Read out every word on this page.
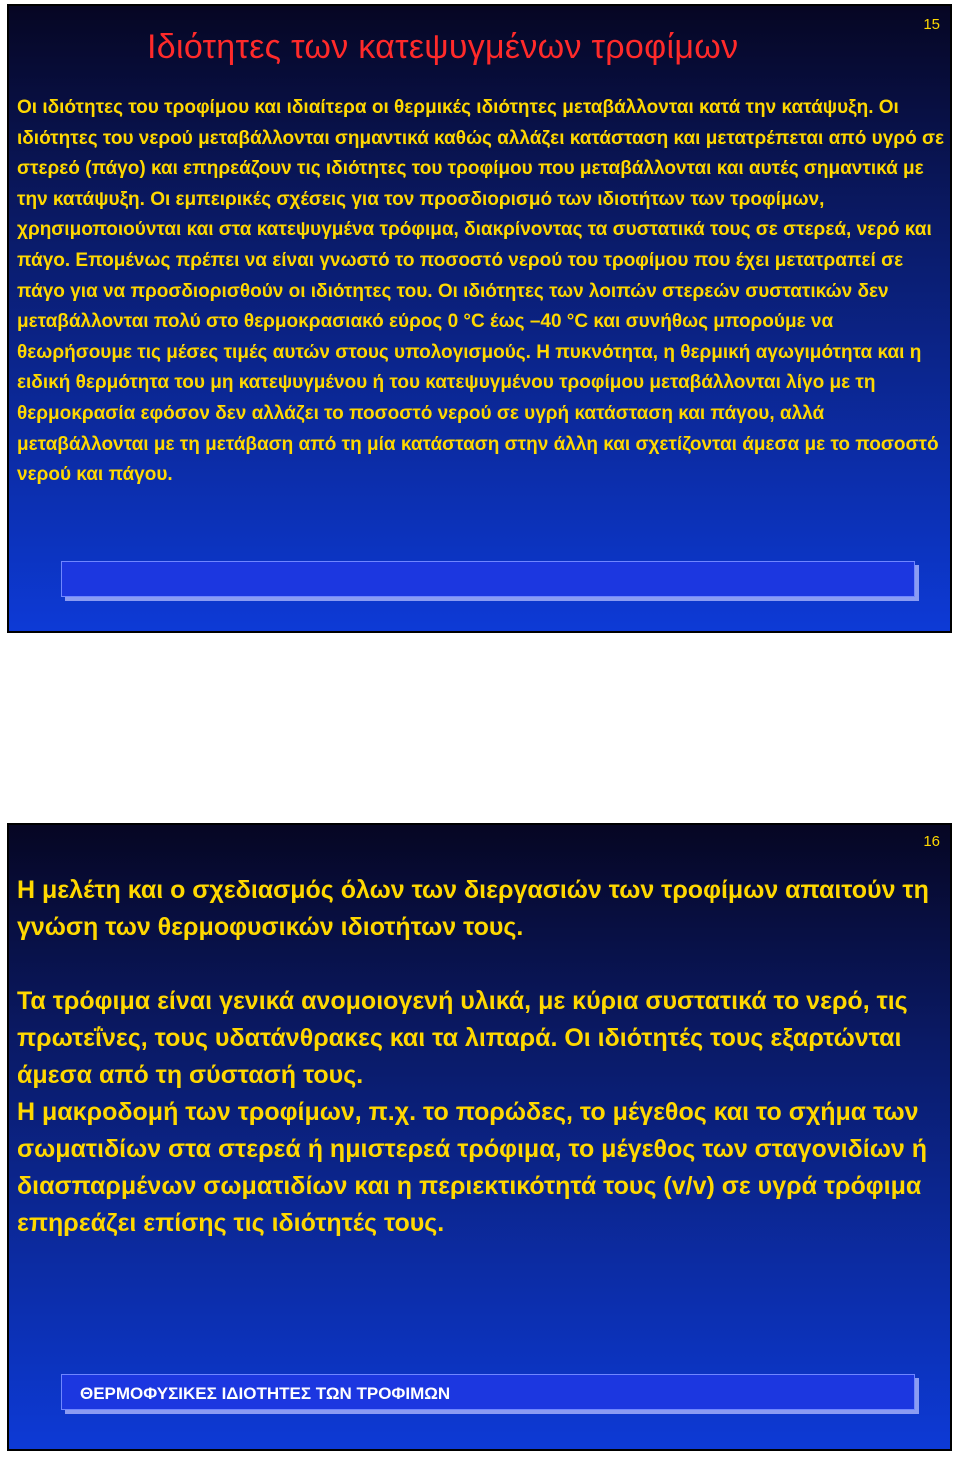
15
Ιδιότητες των κατεψυγμένων τροφίμων

Οι ιδιότητες του τροφίμου και ιδιαίτερα οι θερμικές ιδιότητες μεταβάλλονται κατά την κατάψυξη. Οι ιδιότητες του νερού μεταβάλλονται σημαντικά καθώς αλλάζει κατάσταση και μετατρέπεται από υγρό σε στερεό (πάγο) και επηρεάζουν τις ιδιότητες του τροφίμου που μεταβάλλονται και αυτές σημαντικά με την κατάψυξη. Οι εμπειρικές σχέσεις για τον προσδιορισμό των ιδιοτήτων των τροφίμων, χρησιμοποιούνται και στα κατεψυγμένα τρόφιμα, διακρίνοντας τα συστατικά τους σε στερεά, νερό και πάγο. Επομένως πρέπει να είναι γνωστό το ποσοστό νερού του τροφίμου που έχει μετατραπεί σε πάγο για να προσδιορισθούν οι ιδιότητες του. Οι ιδιότητες των λοιπών στερεών συστατικών δεν μεταβάλλονται πολύ στο θερμοκρασιακό εύρος 0 °C έως –40 °C και συνήθως μπορούμε να θεωρήσουμε τις μέσες τιμές αυτών στους υπολογισμούς. Η πυκνότητα, η θερμική αγωγιμότητα και η ειδική θερμότητα του μη κατεψυγμένου ή του κατεψυγμένου τροφίμου μεταβάλλονται λίγο με τη θερμοκρασία εφόσον δεν αλλάζει το ποσοστό νερού σε υγρή κατάσταση και πάγου, αλλά μεταβάλλονται με τη μετάβαση από τη μία κατάσταση στην άλλη και σχετίζονται άμεσα με το ποσοστό νερού και πάγου.

16

Η μελέτη και ο σχεδιασμός όλων των διεργασιών των τροφίμων απαιτούν τη γνώση των θερμοφυσικών ιδιοτήτων τους.

Τα τρόφιμα είναι γενικά ανομοιογενή υλικά, με κύρια συστατικά το νερό, τις πρωτεΐνες, τους υδατάνθρακες και τα λιπαρά. Οι ιδιότητές τους εξαρτώνται άμεσα από τη σύστασή τους.
Η μακροδομή των τροφίμων, π.χ. το πορώδες, το μέγεθος και το σχήμα των σωματιδίων στα στερεά ή ημιστερεά τρόφιμα, το μέγεθος των σταγονιδίων ή διασπαρμένων σωματιδίων και η περιεκτικότητά τους (v/v) σε υγρά τρόφιμα επηρεάζει επίσης τις ιδιότητές τους.
ΘΕΡΜΟΦΥΣΙΚΕΣ ΙΔΙΟΤΗΤΕΣ ΤΩΝ ΤΡΟΦΙΜΩΝ
